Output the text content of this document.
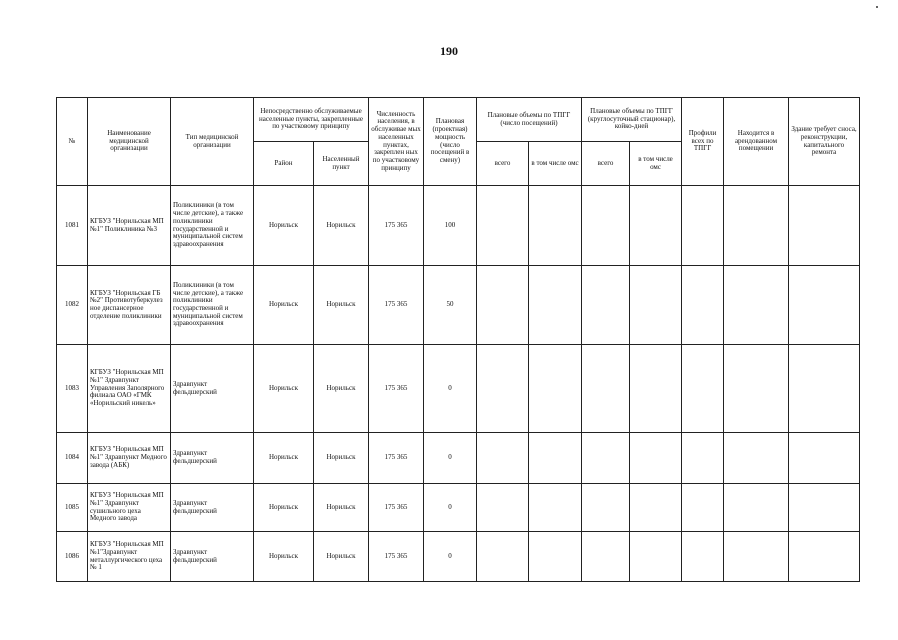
190
№	Наименование медицинской организации	Тип медицинской организации	Непосредственно обслуживаемые населенные пункты, закрепленные по участковому принципу		Численность населения, в обслуживае мых населенных пунктах, закреплен ных по участковому принципу	Плановая (проектная) мощность (число посещений в смену)	Плановые объемы по ТПГГ (число посещений)		Плановые объемы по ТПГГ (круглосуточный стационар), койко-дней		Профили всех по ТПГГ	Находится в арендованном помещении	Здание требует сноса, реконструкции, капитального ремонта
			Район	Населенный пункт			всего	в том числе омс	всего	в том числе омс			
1081	КГБУЗ "Норильская МП №1" Поликлиника №3	Поликлиники (в том числе детские), а также поликлиники государственной и муниципальной систем здравоохранения	Норильск	Норильск	175 365	100							
1082	КГБУЗ "Норильская ГБ №2" Противотуберкулез ное диспансерное отделение поликлиники	Поликлиники (в том числе детские), а также поликлиники государственной и муниципальной систем здравоохранения	Норильск	Норильск	175 365	50							
1083	КГБУЗ "Норильская МП №1" Здравпункт Управления Заполярного филиала ОАО «ГМК «Норильский никель»	Здравпункт фельдшерский	Норильск	Норильск	175 365	0							
1084	КГБУЗ "Норильская МП №1" Здравпункт Медного завода (АБК)	Здравпункт фельдшерский	Норильск	Норильск	175 365	0							
1085	КГБУЗ "Норильская МП №1" Здравпункт сушильного цеха Медного завода	Здравпункт фельдшерский	Норильск	Норильск	175 365	0							
1086	КГБУЗ "Норильская МП №1"Здравпункт металлургического цеха № 1	Здравпункт фельдшерский	Норильск	Норильск	175 365	0							
